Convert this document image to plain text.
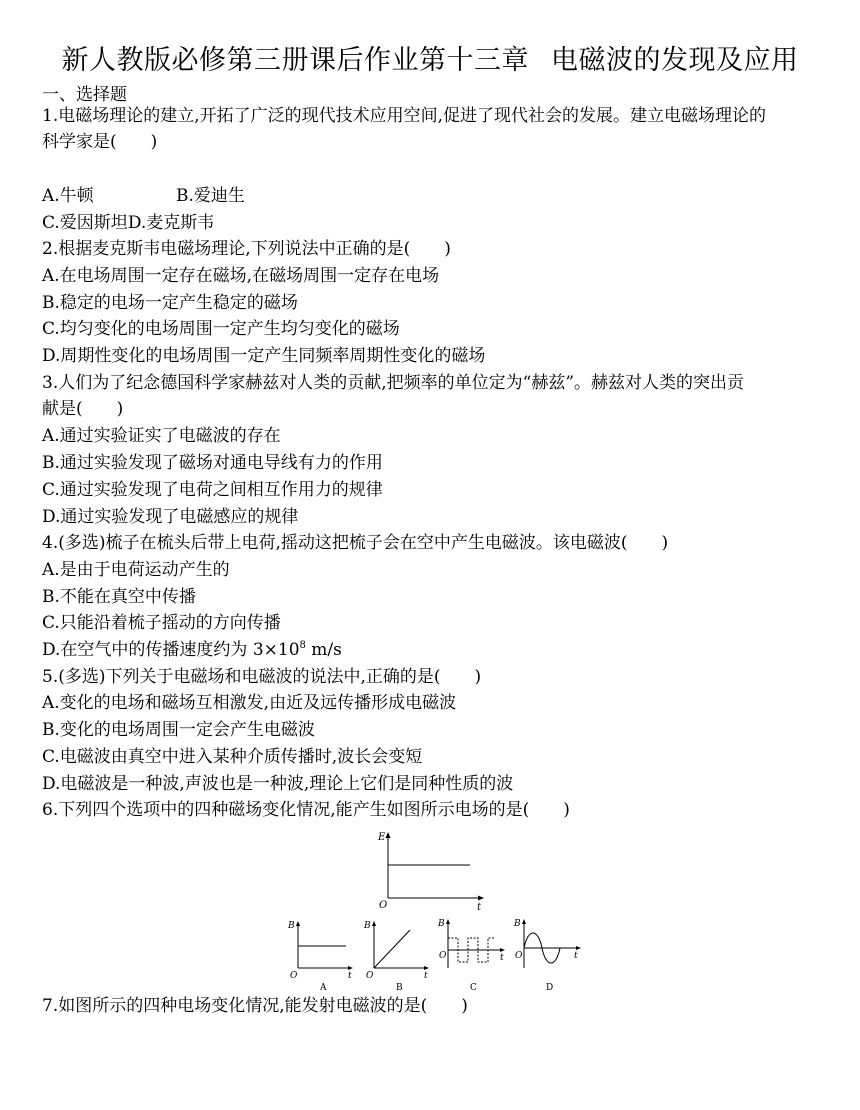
新人教版必修第三册课后作业第十三章 电磁波的发现及应用
一、选择题
1.电磁场理论的建立,开拓了广泛的现代技术应用空间,促进了现代社会的发展。建立电磁场理论的
科学家是(　　)
A.牛顿	B.爱迪生
C.爱因斯坦D.麦克斯韦
2.根据麦克斯韦电磁场理论,下列说法中正确的是(　　)
A.在电场周围一定存在磁场,在磁场周围一定存在电场
B.稳定的电场一定产生稳定的磁场
C.均匀变化的电场周围一定产生均匀变化的磁场
D.周期性变化的电场周围一定产生同频率周期性变化的磁场
3.人们为了纪念德国科学家赫兹对人类的贡献,把频率的单位定为“赫兹”。赫兹对人类的突出贡
献是(　　)
A.通过实验证实了电磁波的存在
B.通过实验发现了磁场对通电导线有力的作用
C.通过实验发现了电荷之间相互作用力的规律
D.通过实验发现了电磁感应的规律
4.(多选)梳子在梳头后带上电荷,摇动这把梳子会在空中产生电磁波。该电磁波(　　)
A.是由于电荷运动产生的
B.不能在真空中传播
C.只能沿着梳子摇动的方向传播
D.在空气中的传播速度约为 $3\times 10^8$ m/s
5.(多选)下列关于电磁场和电磁波的说法中,正确的是(　　)
A.变化的电场和磁场互相激发,由近及远传播形成电磁波
B.变化的电场周围一定会产生电磁波
C.电磁波由真空中进入某种介质传播时,波长会变短
D.电磁波是一种波,声波也是一种波,理论上它们是同种性质的波
6.下列四个选项中的四种磁场变化情况,能产生如图所示电场的是(　　)
E
t
O
B
t
O
A
B
t
O
B
B
t
O
C
B
t
O
D
7.如图所示的四种电场变化情况,能发射电磁波的是(　　)
